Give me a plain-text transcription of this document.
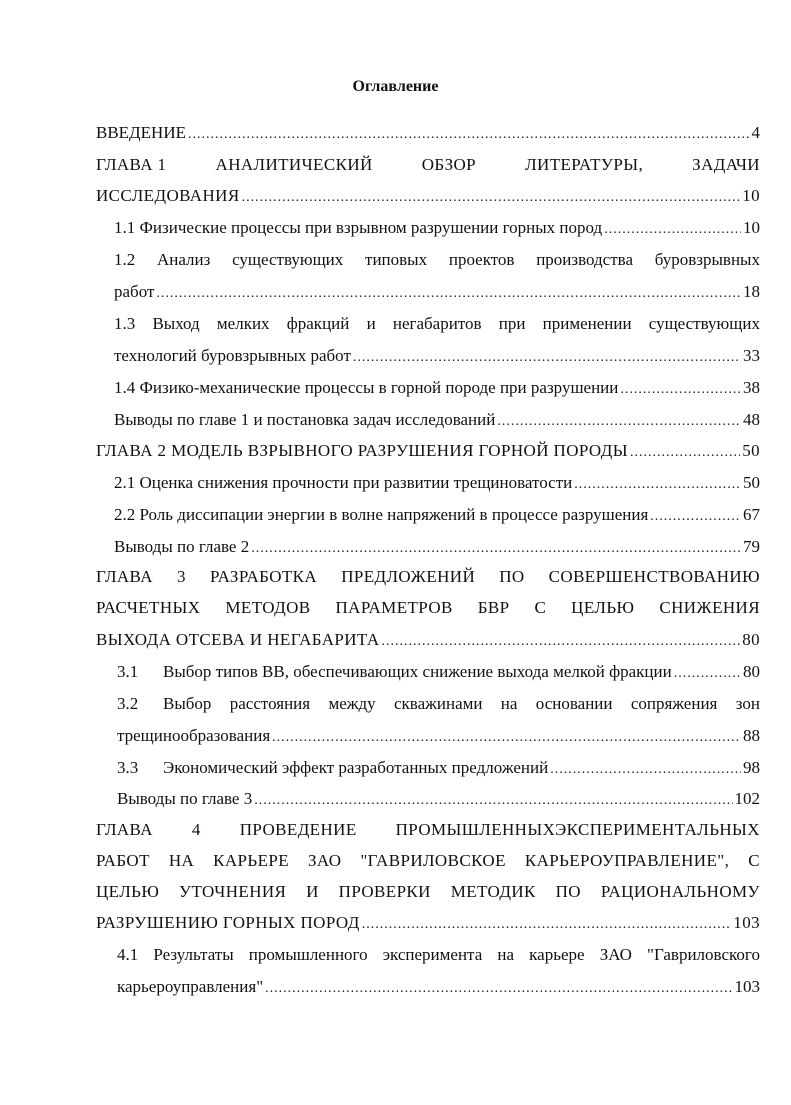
Оглавление
ВВЕДЕНИЕ .....	4
ГЛАВА 1	АНАЛИТИЧЕСКИЙ	ОБЗОР	ЛИТЕРАТУРЫ,	ЗАДАЧИ
ИССЛЕДОВАНИЯ .....	10
1.1 Физические процессы при взрывном разрушении горных пород .....	10
1.2 Анализ существующих типовых проектов производства буровзрывных
работ .....	18
1.3 Выход мелких фракций и негабаритов при применении существующих
технологий буровзрывных работ .....	33
1.4 Физико-механические процессы в горной породе при разрушении .....	38
Выводы по главе 1 и постановка задач исследований .....	48
ГЛАВА 2 МОДЕЛЬ ВЗРЫВНОГО РАЗРУШЕНИЯ ГОРНОЙ ПОРОДЫ .....	50
2.1 Оценка снижения прочности при развитии трещиноватости .....	50
2.2 Роль диссипации энергии в волне напряжений в процессе разрушения .....	67
Выводы по главе 2 .....	79
ГЛАВА 3 РАЗРАБОТКА ПРЕДЛОЖЕНИЙ ПО СОВЕРШЕНСТВОВАНИЮ
РАСЧЕТНЫХ МЕТОДОВ ПАРАМЕТРОВ БВР С ЦЕЛЬЮ СНИЖЕНИЯ
ВЫХОДА ОТСЕВА И НЕГАБАРИТА .....	80
3.1 Выбор типов ВВ, обеспечивающих снижение выхода мелкой фракции .....	80
3.2	Выбор расстояния между скважинами на основании сопряжения зон
трещинообразования .....	88
3.3 Экономический эффект разработанных предложений .....	98
Выводы по главе 3 .....	102
ГЛАВА 4 ПРОВЕДЕНИЕ ПРОМЫШЛЕННЫХЭКСПЕРИМЕНТАЛЬНЫХ
РАБОТ НА КАРЬЕРЕ ЗАО "ГАВРИЛОВСКОЕ КАРЬЕРОУПРАВЛЕНИЕ", С
ЦЕЛЬЮ УТОЧНЕНИЯ И ПРОВЕРКИ МЕТОДИК ПО РАЦИОНАЛЬНОМУ
РАЗРУШЕНИЮ ГОРНЫХ ПОРОД .....	103
4.1 Результаты промышленного эксперимента на карьере ЗАО "Гавриловского
карьероуправления" .....	103
